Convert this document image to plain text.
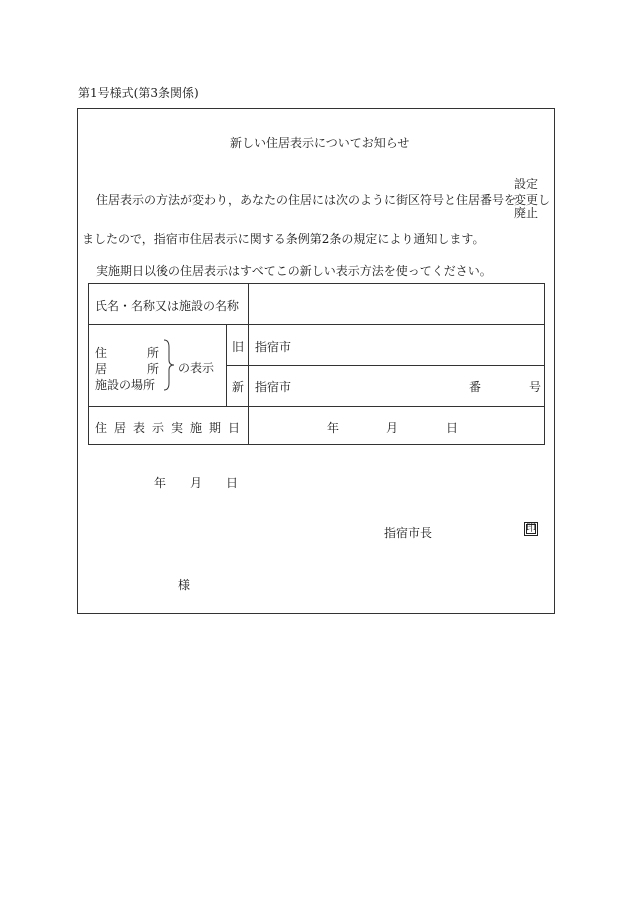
第1号様式(第3条関係)
新しい住居表示についてお知らせ
住居表示の方法が変わり，あなたの住居には次のように街区符号と住居番号を
設定
変更し
廃止
ましたので，指宿市住居表示に関する条例第2条の規定により通知します。
実施期日以後の住居表示はすべてこの新しい表示方法を使ってください。
氏名・名称又は施設の名称
住	所
居	所
施設の場所
の表示
旧 指宿市
新 指宿市	番	号
住 居 表 示 実 施 期 日	年	月	日
年 月 日
指宿市長	印
様
